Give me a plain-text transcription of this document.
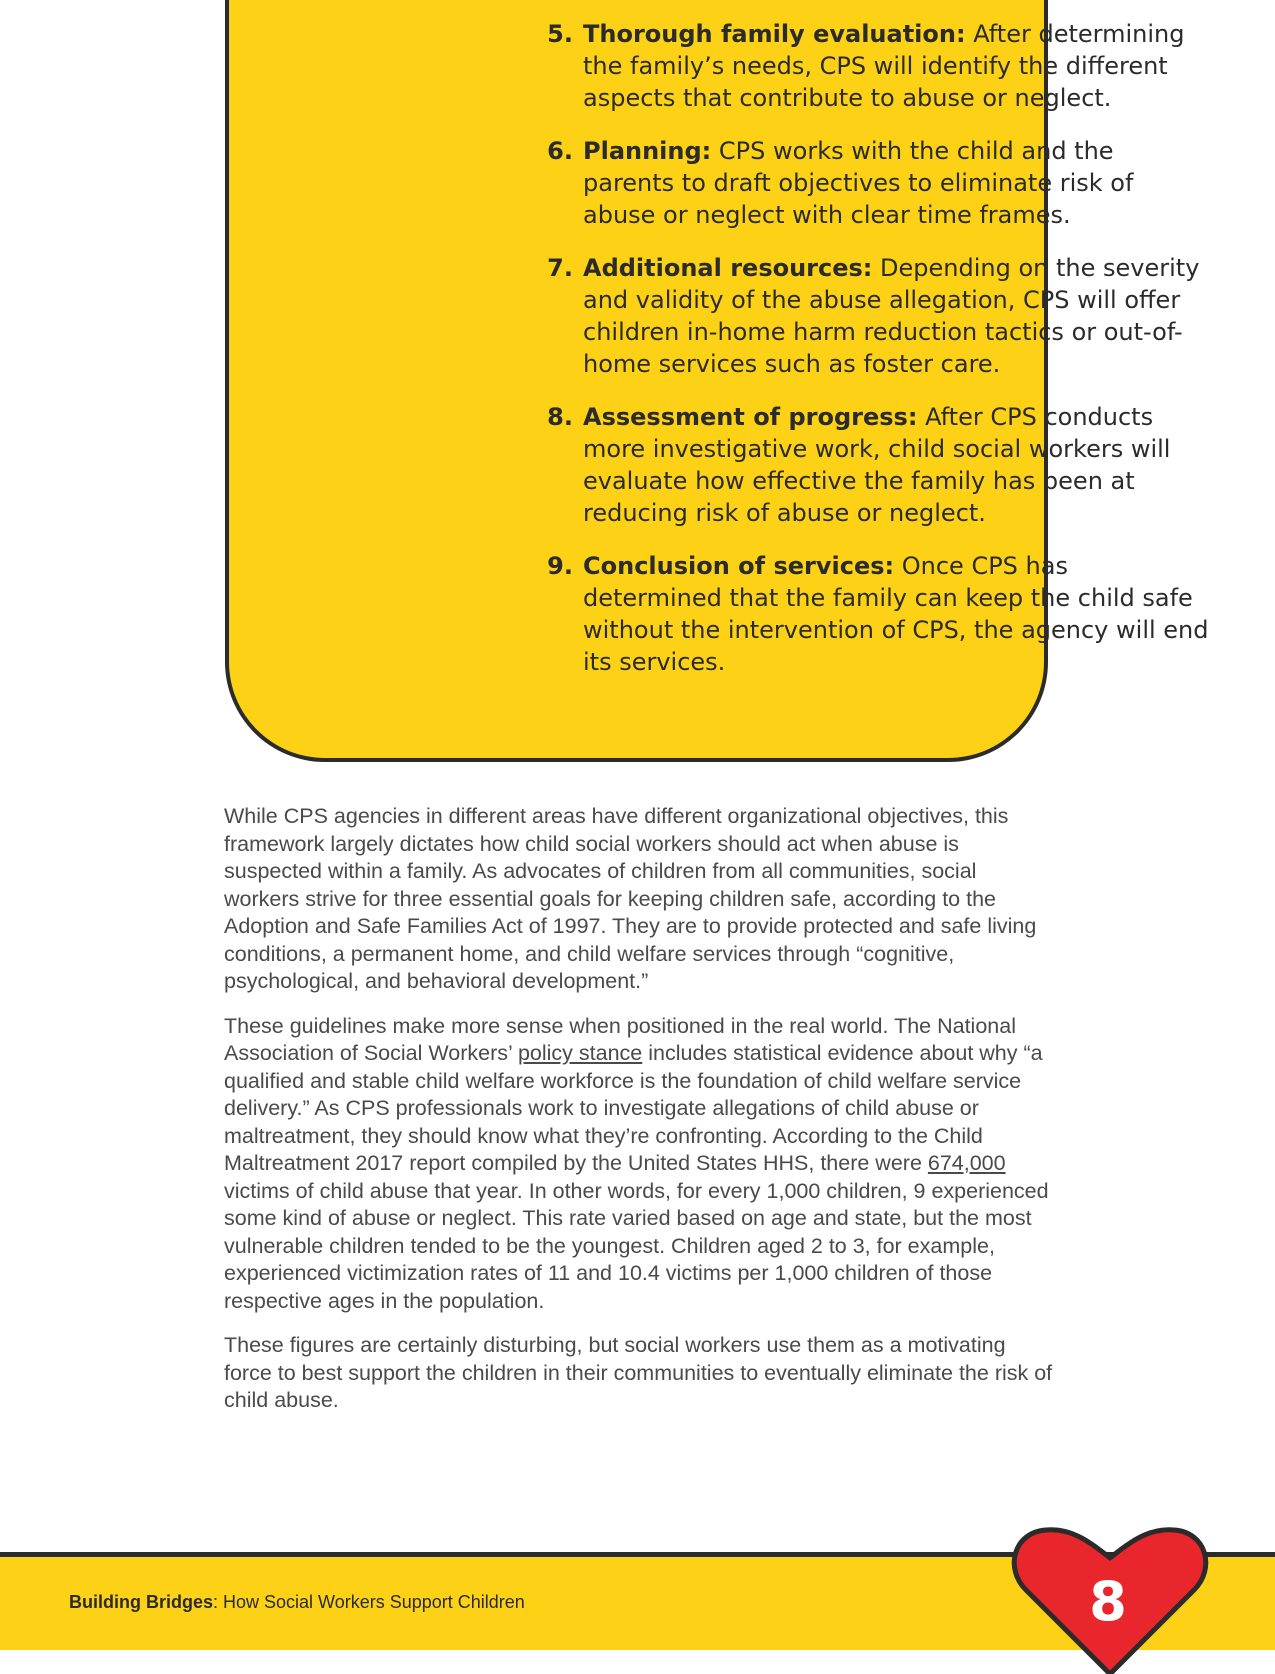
5. Thorough family evaluation: After determining the family’s needs, CPS will identify the different aspects that contribute to abuse or neglect.
6. Planning: CPS works with the child and the parents to draft objectives to eliminate risk of abuse or neglect with clear time frames.
7. Additional resources: Depending on the severity and validity of the abuse allegation, CPS will offer children in-home harm reduction tactics or out-of-home services such as foster care.
8. Assessment of progress: After CPS conducts more investigative work, child social workers will evaluate how effective the family has been at reducing risk of abuse or neglect.
9. Conclusion of services: Once CPS has determined that the family can keep the child safe without the intervention of CPS, the agency will end its services.

While CPS agencies in different areas have different organizational objectives, this framework largely dictates how child social workers should act when abuse is suspected within a family. As advocates of children from all communities, social workers strive for three essential goals for keeping children safe, according to the Adoption and Safe Families Act of 1997. They are to provide protected and safe living conditions, a permanent home, and child welfare services through “cognitive, psychological, and behavioral development.”

These guidelines make more sense when positioned in the real world. The National Association of Social Workers’ policy stance includes statistical evidence about why “a qualified and stable child welfare workforce is the foundation of child welfare service delivery.” As CPS professionals work to investigate allegations of child abuse or maltreatment, they should know what they’re confronting. According to the Child Maltreatment 2017 report compiled by the United States HHS, there were 674,000 victims of child abuse that year. In other words, for every 1,000 children, 9 experienced some kind of abuse or neglect. This rate varied based on age and state, but the most vulnerable children tended to be the youngest. Children aged 2 to 3, for example, experienced victimization rates of 11 and 10.4 victims per 1,000 children of those respective ages in the population.

These figures are certainly disturbing, but social workers use them as a motivating force to best support the children in their communities to eventually eliminate the risk of child abuse.

Building Bridges: How Social Workers Support Children	8
